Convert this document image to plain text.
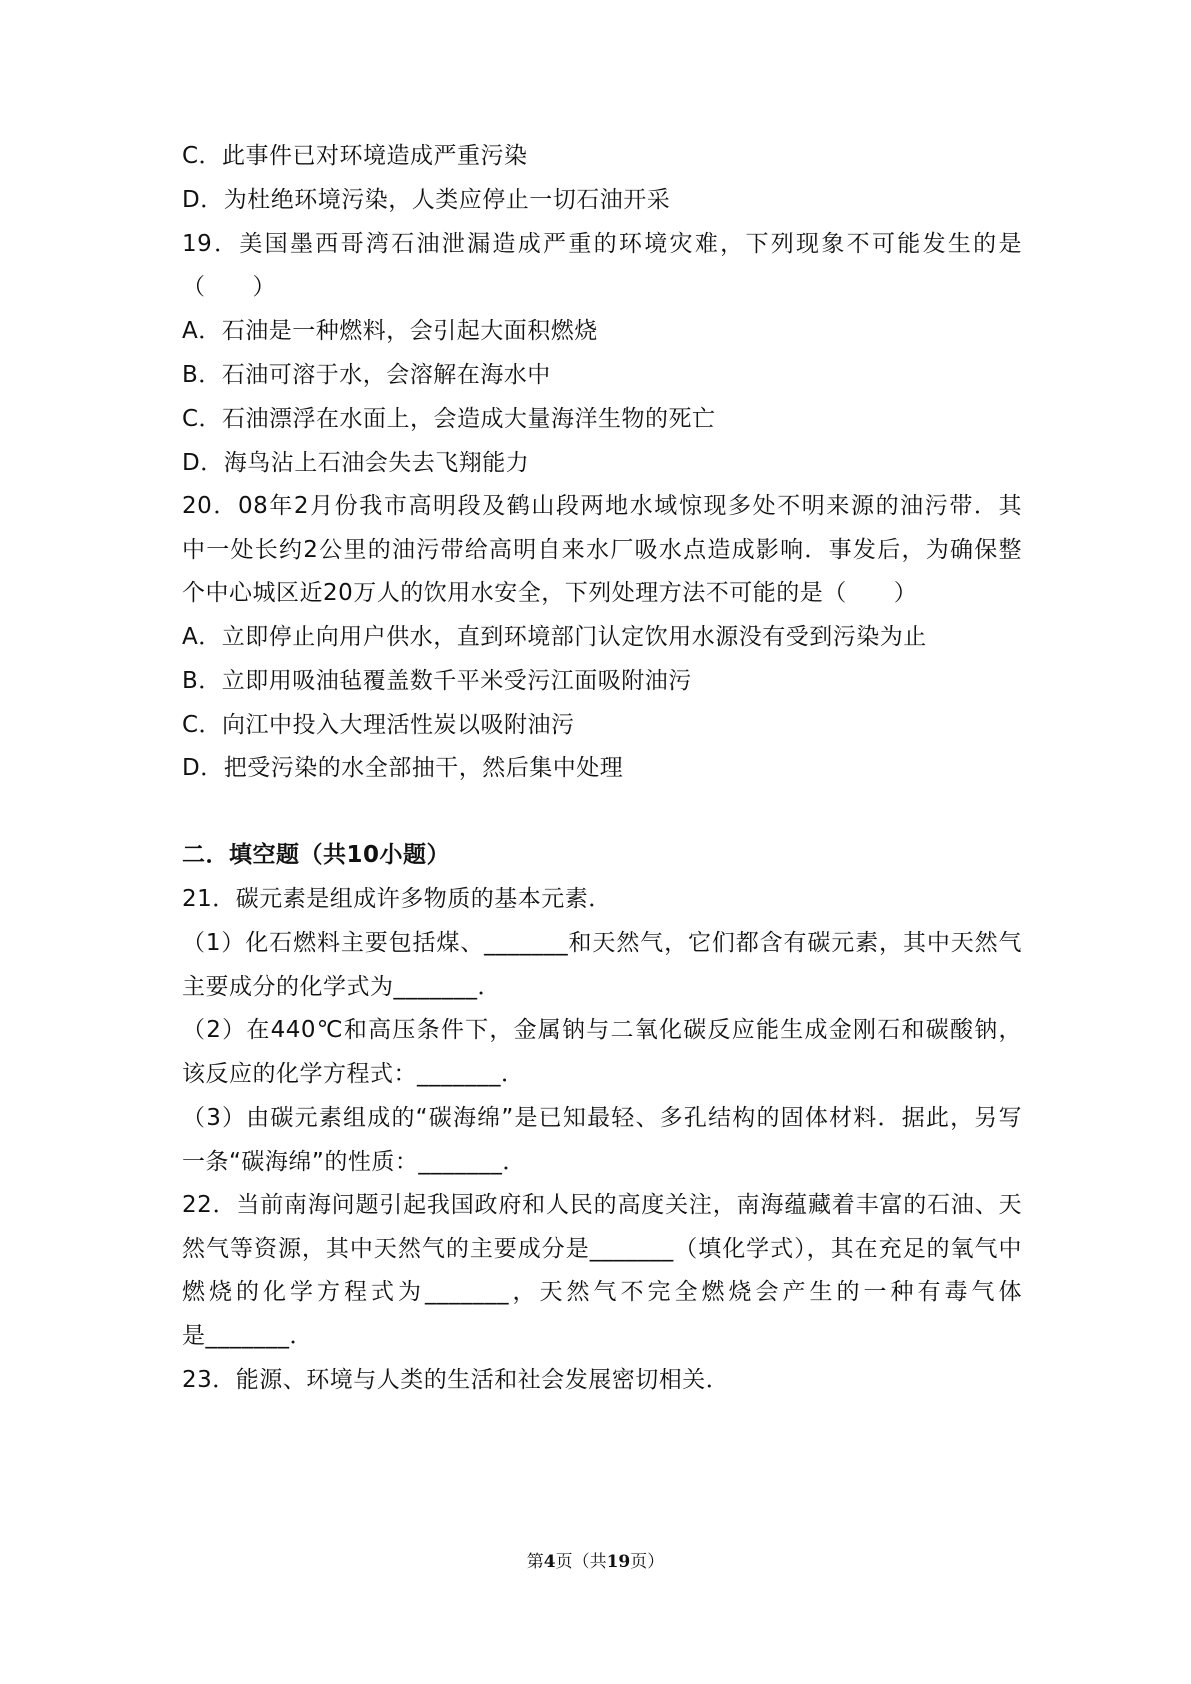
C．此事件已对环境造成严重污染
D．为杜绝环境污染，人类应停止一切石油开采
19．美国墨西哥湾石油泄漏造成严重的环境灾难，下列现象不可能发生的是
（　　）
A．石油是一种燃料，会引起大面积燃烧
B．石油可溶于水，会溶解在海水中
C．石油漂浮在水面上，会造成大量海洋生物的死亡
D．海鸟沾上石油会失去飞翔能力
20．08年2月份我市高明段及鹤山段两地水域惊现多处不明来源的油污带．其
中一处长约2公里的油污带给高明自来水厂吸水点造成影响．事发后，为确保整
个中心城区近20万人的饮用水安全，下列处理方法不可能的是（　　）
A．立即停止向用户供水，直到环境部门认定饮用水源没有受到污染为止
B．立即用吸油毡覆盖数千平米受污江面吸附油污
C．向江中投入大理活性炭以吸附油污
D．把受污染的水全部抽干，然后集中处理
二．填空题（共10小题）
21．碳元素是组成许多物质的基本元素．
（1）化石燃料主要包括煤、_______和天然气，它们都含有碳元素，其中天然气
主要成分的化学式为_______．
（2）在440℃和高压条件下，金属钠与二氧化碳反应能生成金刚石和碳酸钠，
该反应的化学方程式：_______．
（3）由碳元素组成的“碳海绵”是已知最轻、多孔结构的固体材料．据此，另写
一条“碳海绵”的性质：_______．
22．当前南海问题引起我国政府和人民的高度关注，南海蕴藏着丰富的石油、天
然气等资源，其中天然气的主要成分是_______（填化学式），其在充足的氧气中
燃烧的化学方程式为_______，天然气不完全燃烧会产生的一种有毒气体
是_______．
23．能源、环境与人类的生活和社会发展密切相关．
第4页（共19页）
